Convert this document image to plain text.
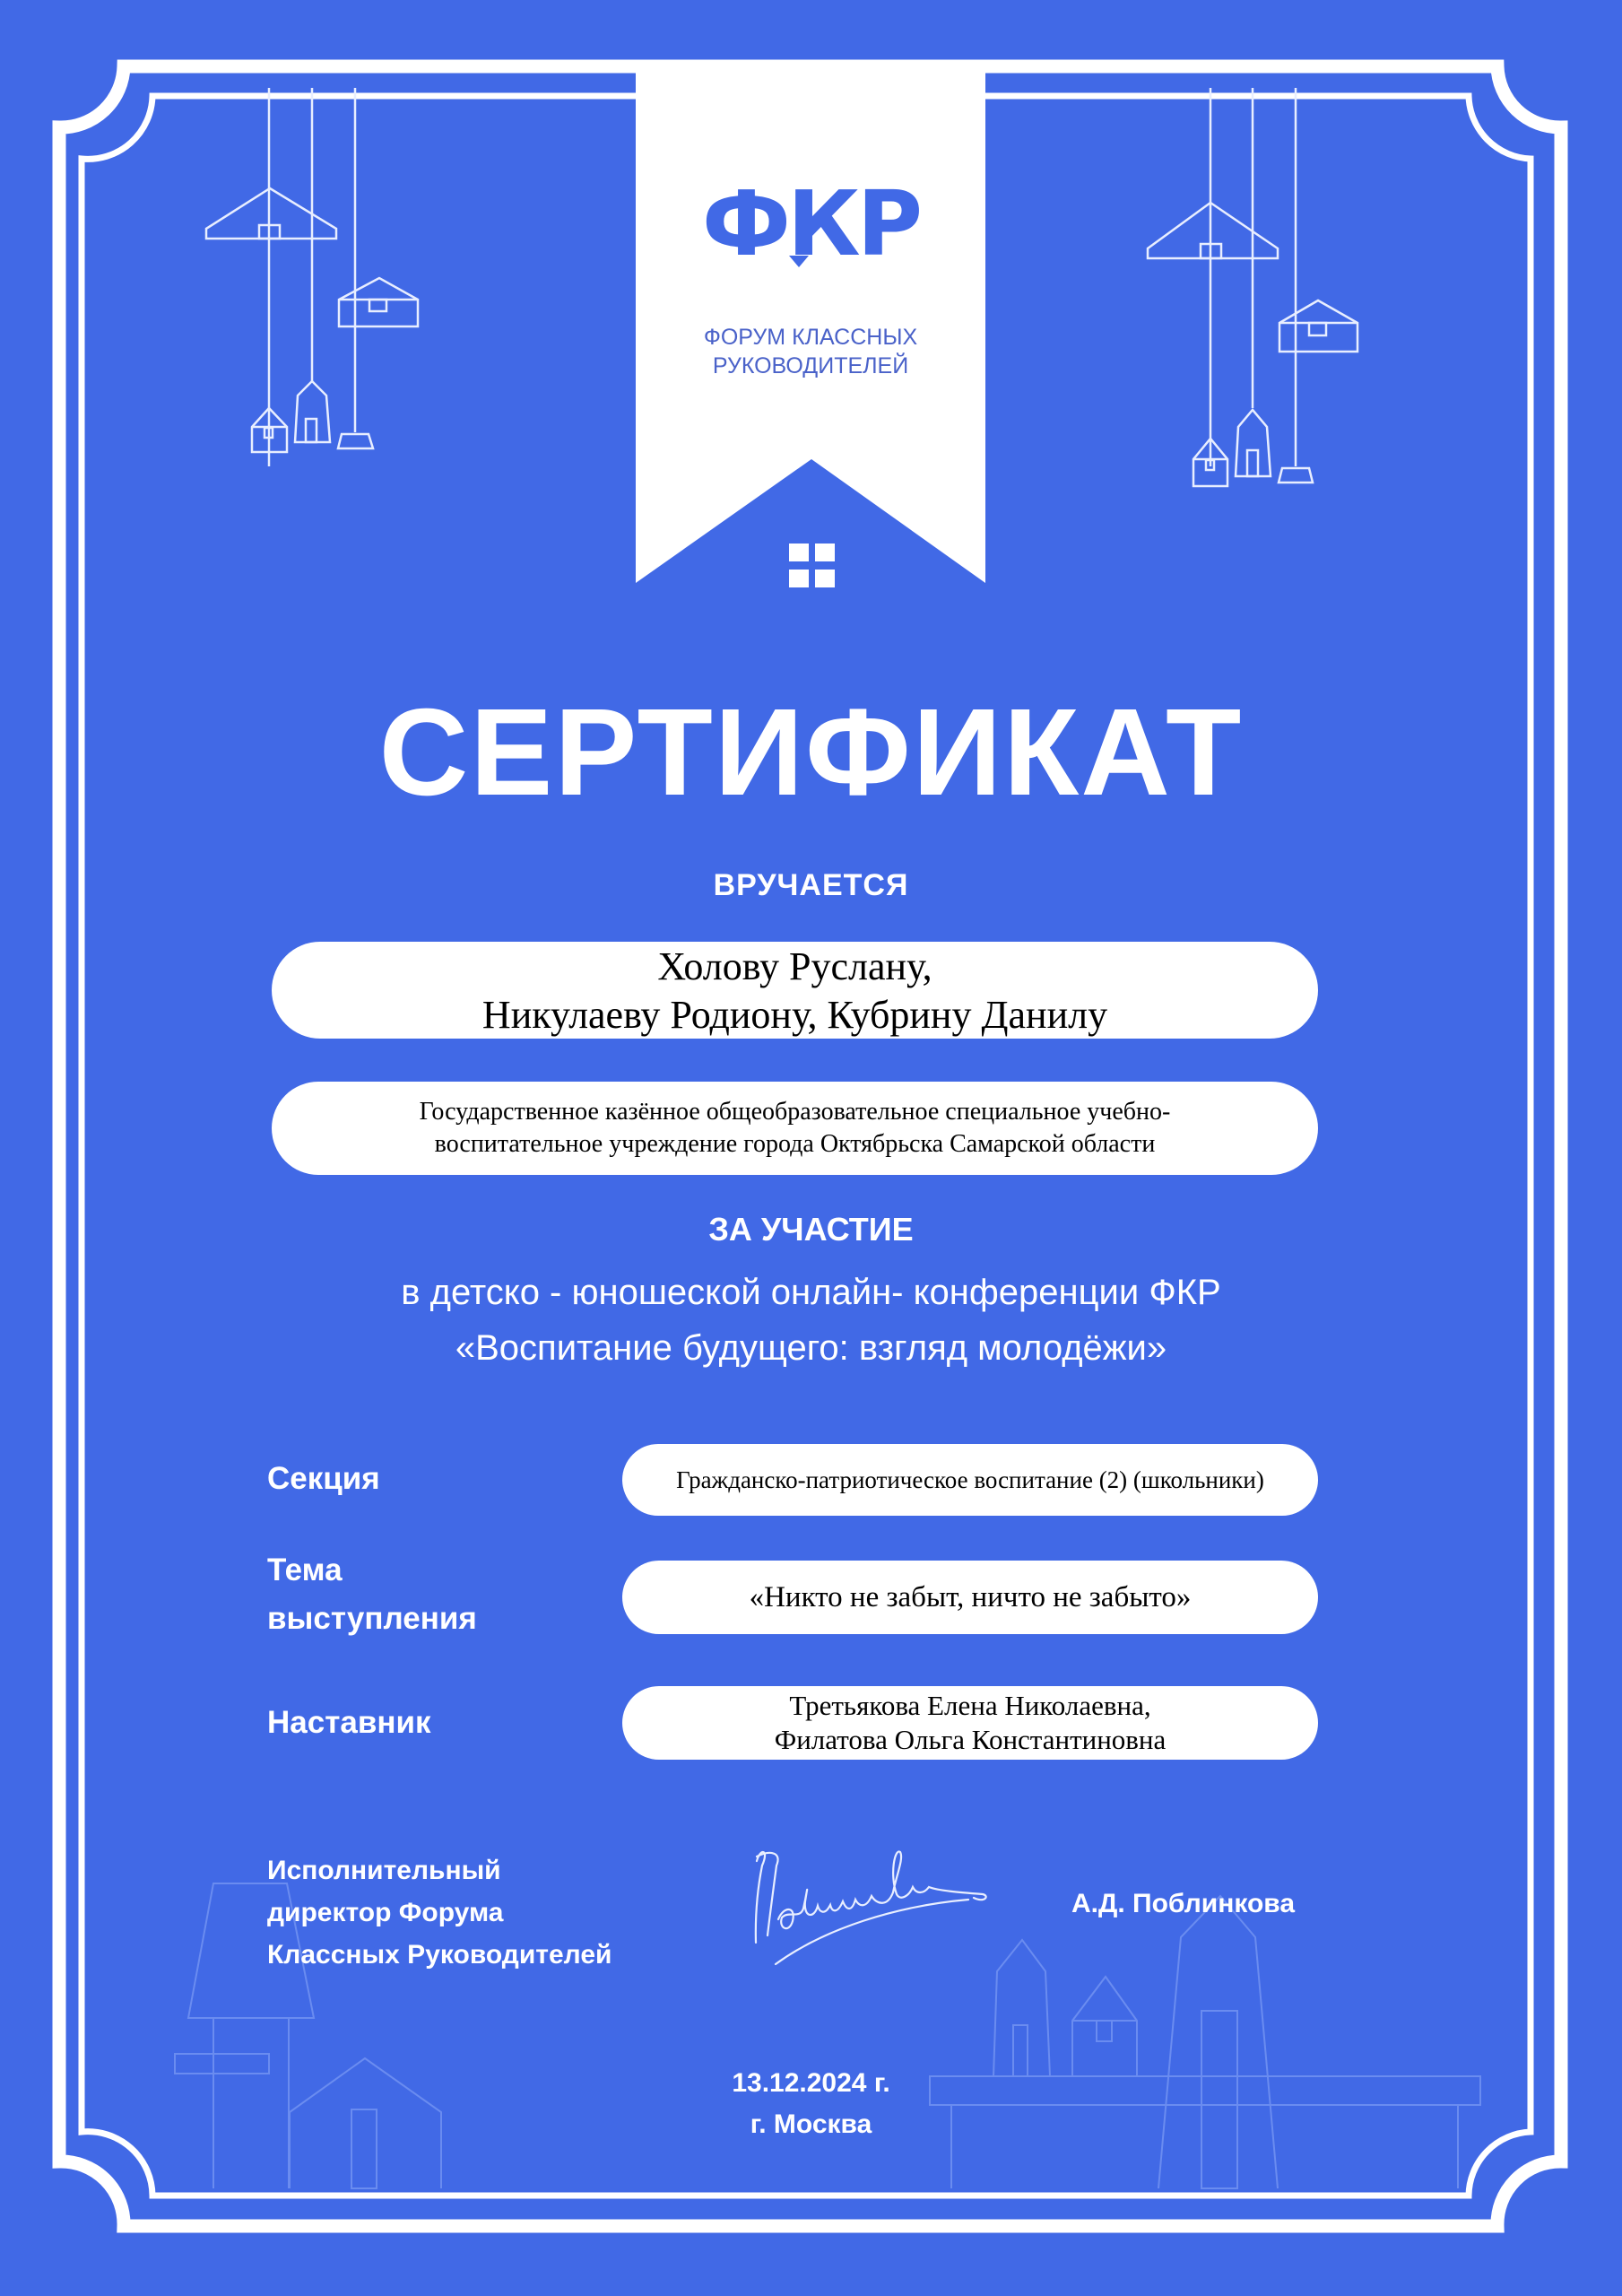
ФКР
ФОРУМ КЛАССНЫХ
РУКОВОДИТЕЛЕЙ
СЕРТИФИКАТ
ВРУЧАЕТСЯ
Холову Руслану,
Никулаеву Родиону, Кубрину Данилу
Государственное казённое общеобразовательное специальное учебно-
воспитательное учреждение города Октябрьска Самарской области
ЗА УЧАСТИЕ
в детско - юношеской онлайн- конференции ФКР
«Воспитание будущего: взгляд молодёжи»
Секция
Тема
выступления
Наставник
Гражданско-патриотическое воспитание (2) (школьники)
«Никто не забыт, ничто не забыто»
Третьякова Елена Николаевна,
Филатова Ольга Константиновна
Исполнительный
директор Форума
Классных Руководителей
А.Д. Поблинкова
13.12.2024 г.
г. Москва
